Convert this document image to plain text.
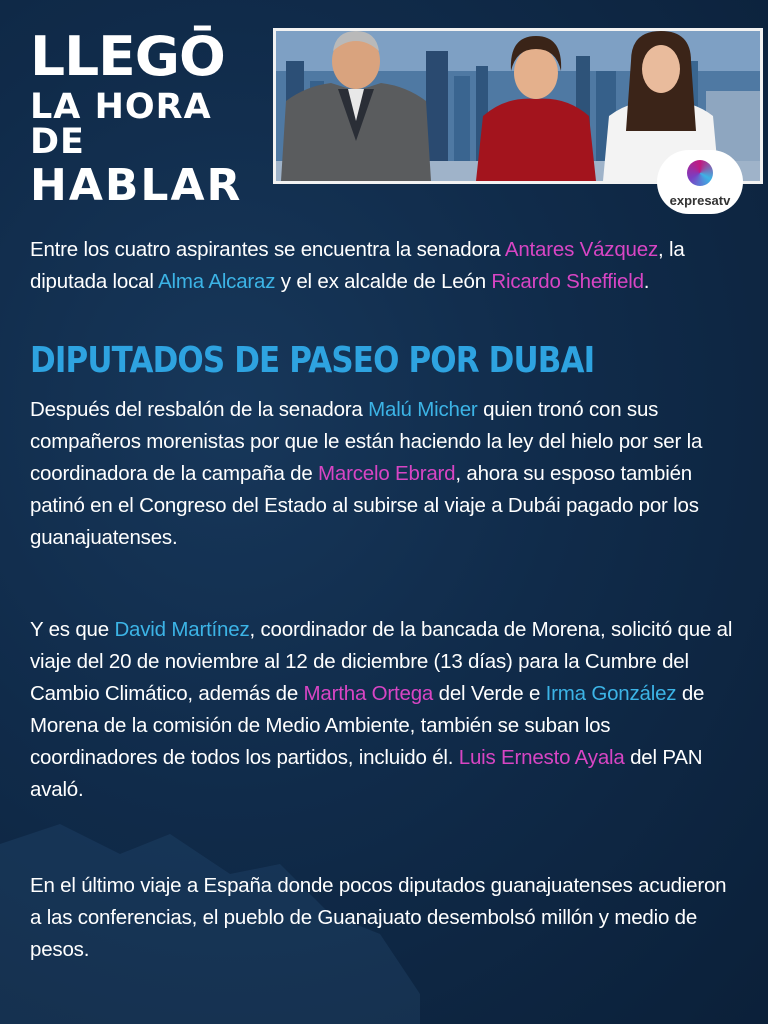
LLEGŌ
LA HORA DE
HABLAR	expresatv
Entre los cuatro aspirantes se encuentra la senadora Antares Vázquez, la diputada local Alma Alcaraz y el ex alcalde de León Ricardo Sheffield.
DIPUTADOS DE PASEO POR DUBAI
Después del resbalón de la senadora Malú Micher quien tronó con sus compañeros morenistas por que le están haciendo la ley del hielo por ser la coordinadora de la campaña de Marcelo Ebrard, ahora su esposo también patinó en el Congreso del Estado al subirse al viaje a Dubái pagado por los guanajuatenses.
Y es que David Martínez, coordinador de la bancada de Morena, solicitó que al viaje del 20 de noviembre al 12 de diciembre (13 días) para la Cumbre del Cambio Climático, además de Martha Ortega del Verde e Irma González de Morena de la comisión de Medio Ambiente, también se suban los coordinadores de todos los partidos, incluido él. Luis Ernesto Ayala del PAN avaló.
En el último viaje a España donde pocos diputados guanajuatenses acudieron a las conferencias, el pueblo de Guanajuato desembolsó millón y medio de pesos.
